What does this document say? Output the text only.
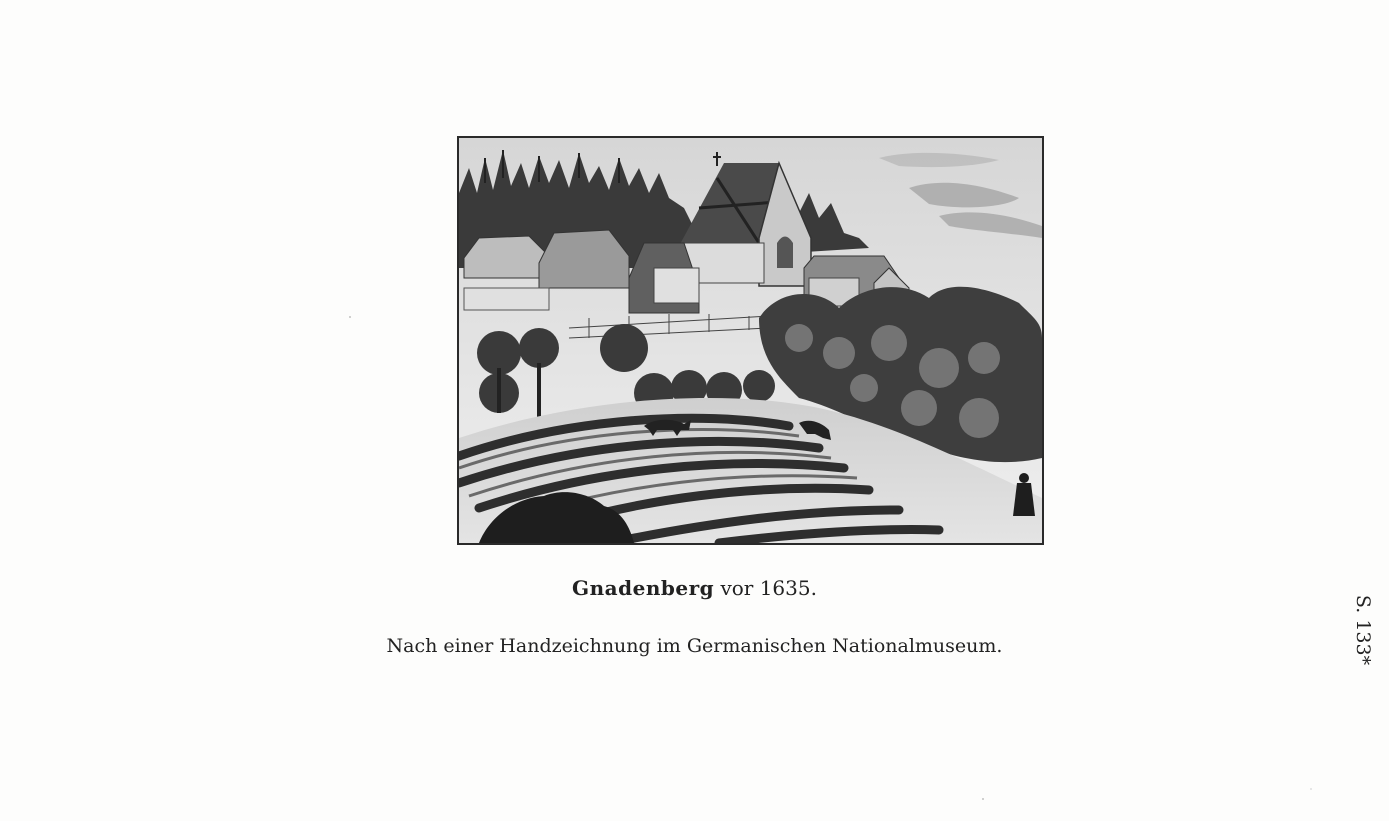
Gnadenberg vor 1635.
Nach einer Handzeichnung im Germanischen Nationalmuseum.	S. 133*
